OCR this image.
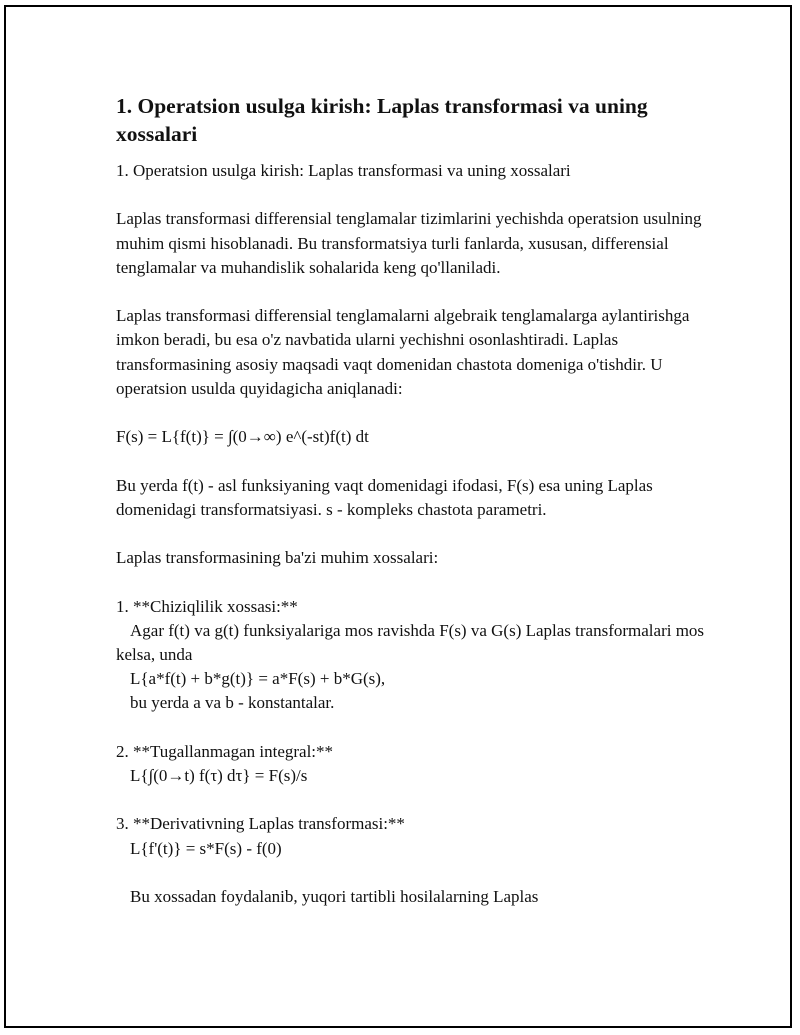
1. Operatsion usulga kirish: Laplas transformasi va uning xossalari

1. Operatsion usulga kirish: Laplas transformasi va uning xossalari

Laplas transformasi differensial tenglamalar tizimlarini yechishda operatsion usulning muhim qismi hisoblanadi. Bu transformatsiya turli fanlarda, xususan, differensial tenglamalar va muhandislik sohalarida keng qo'llaniladi.

Laplas transformasi differensial tenglamalarni algebraik tenglamalarga aylantirishga imkon beradi, bu esa o'z navbatida ularni yechishni osonlashtiradi. Laplas transformasining asosiy maqsadi vaqt domenidan chastota domeniga o'tishdir. U operatsion usulda quyidagicha aniqlanadi:

F(s) = L{f(t)} = ∫(0→∞) e^(-st)f(t) dt

Bu yerda f(t) - asl funksiyaning vaqt domenidagi ifodasi, F(s) esa uning Laplas domenidagi transformatsiyasi. s - kompleks chastota parametri.

Laplas transformasining ba'zi muhim xossalari:

1. **Chiziqlilik xossasi:**

Agar f(t) va g(t) funksiyalariga mos ravishda F(s) va G(s) Laplas transformalari mos kelsa, unda

L{a*f(t) + b*g(t)} = a*F(s) + b*G(s),

bu yerda a va b - konstantalar.

2. **Tugallanmagan integral:**

L{∫(0→t) f(τ) dτ} = F(s)/s

3. **Derivativning Laplas transformasi:**

L{f'(t)} = s*F(s) - f(0)

Bu xossadan foydalanib, yuqori tartibli hosilalarning Laplas
